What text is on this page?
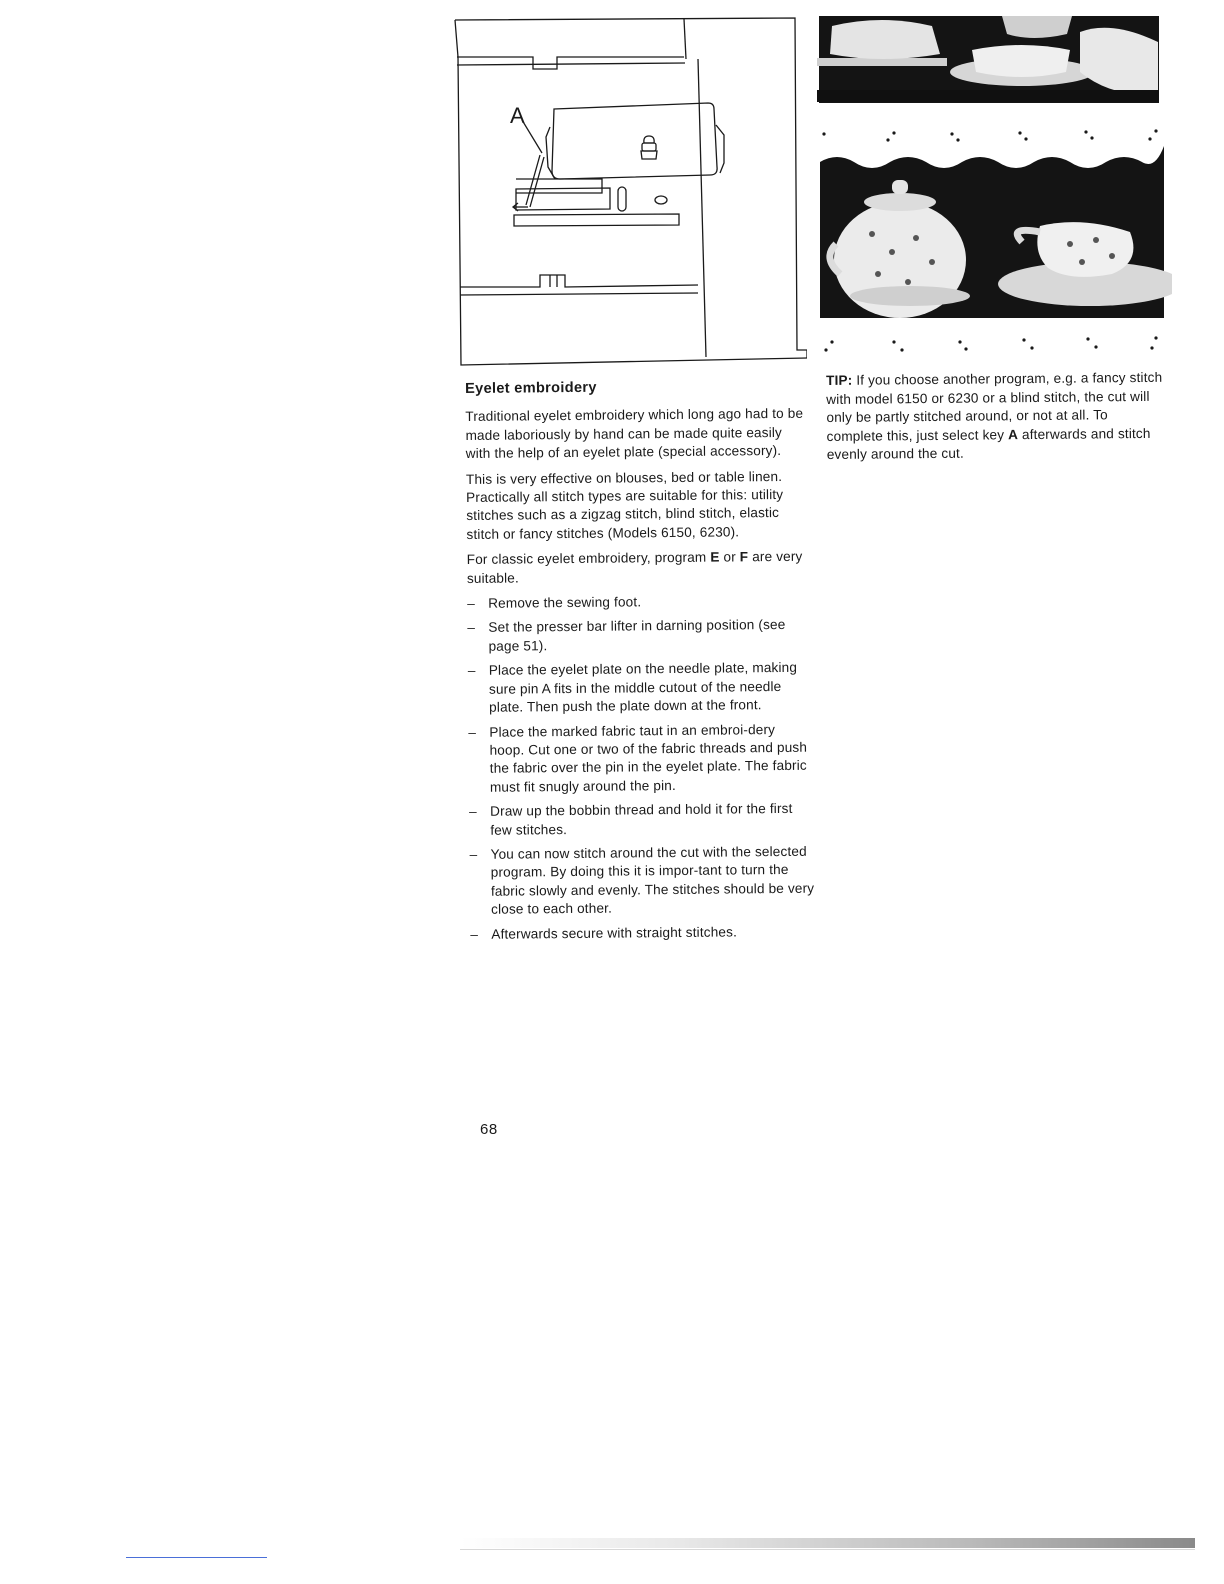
A
Eyelet embroidery

Traditional eyelet embroidery which long ago had to be made laboriously by hand can be made quite easily with the help of an eyelet plate (special accessory).

This is very effective on blouses, bed or table linen. Practically all stitch types are suitable for this: utility stitches such as a zigzag stitch, blind stitch, elastic stitch or fancy stitches (Models 6150, 6230).

For classic eyelet embroidery, program E or F are very suitable.

– Remove the sewing foot.
– Set the presser bar lifter in darning position (see page 51).
– Place the eyelet plate on the needle plate, making sure pin A fits in the middle cutout of the needle plate. Then push the plate down at the front.
– Place the marked fabric taut in an embroi-dery hoop. Cut one or two of the fabric threads and push the fabric over the pin in the eyelet plate. The fabric must fit snugly around the pin.
– Draw up the bobbin thread and hold it for the first few stitches.
– You can now stitch around the cut with the selected program. By doing this it is impor-tant to turn the fabric slowly and evenly. The stitches should be very close to each other.
– Afterwards secure with straight stitches.
TIP: If you choose another program, e.g. a fancy stitch with model 6150 or 6230 or a blind stitch, the cut will only be partly stitched around, or not at all. To complete this, just select key A afterwards and stitch evenly around the cut.
68
